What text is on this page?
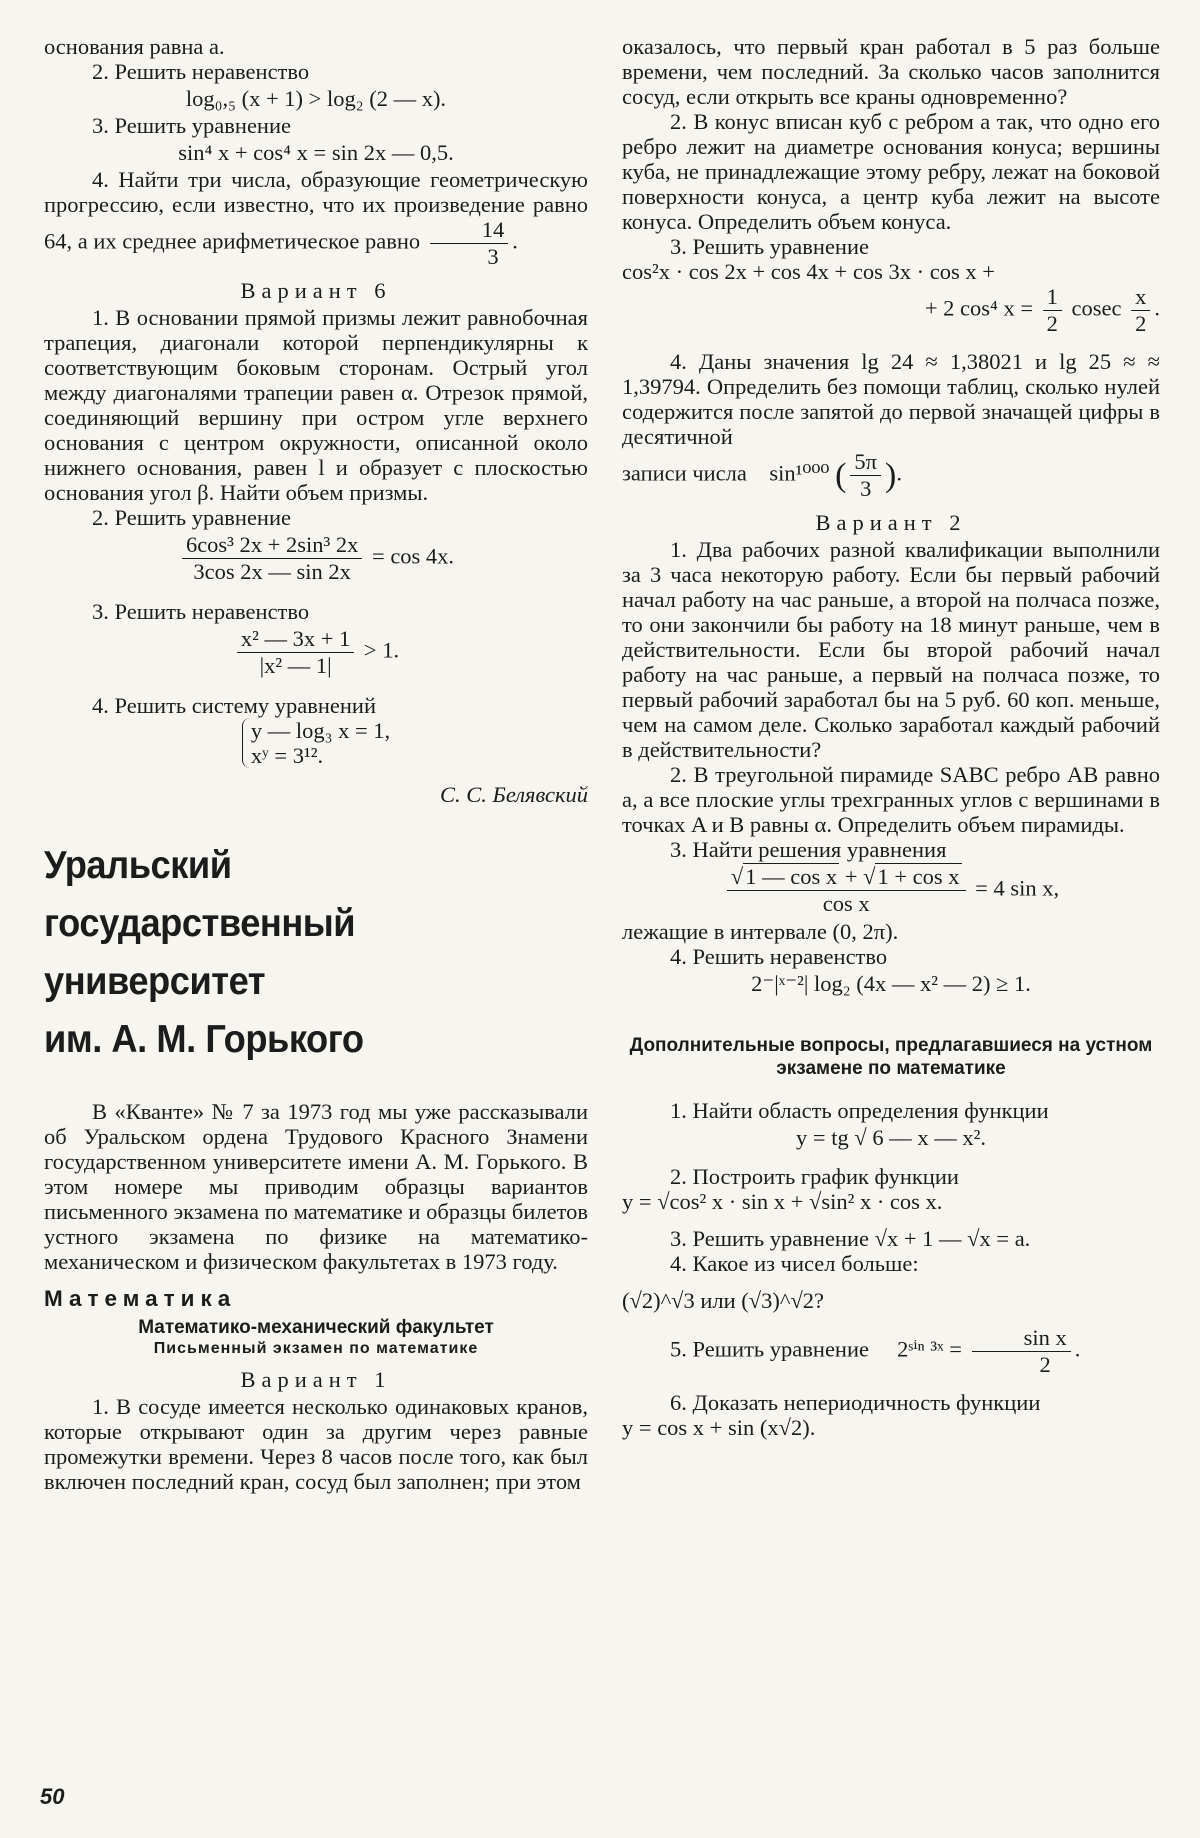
основания равна a.

2. Решить неравенство

log₀,₅ (x + 1) > log₂ (2 — x).

3. Решить уравнение

sin⁴ x + cos⁴ x = sin 2x — 0,5.

4. Найти три числа, образующие геометрическую прогрессию, если известно, что их произведение равно 64, а их среднее арифметическое равно $\frac{14}{3}$ .

Вариант 6

1. В основании прямой призмы лежит равнобочная трапеция, диагонали которой перпендикулярны к соответствующим боковым сторонам. Острый угол между диагоналями трапеции равен α. Отрезок прямой, соединяющий вершину при остром угле верхнего основания с центром окружности, описанной около нижнего основания, равен l и образует с плоскостью основания угол β. Найти объем призмы.

2. Решить уравнение

$\frac{\text{6cos³ 2x + 2sin³ 2x}}{3\cos 2x — \sin 2x} = \cos 4x$.

3. Решить неравенство

$\frac{\text{x² — 3x + 1}}{\text{|x² — 1|}} > 1$.

4. Решить систему уравнений

y — log₃ x = 1,
xʸ = 3¹².

С. С. Белявский

Уральский
государственный
университет
им. А. М. Горького

В «Кванте» № 7 за 1973 год мы уже рассказывали об Уральском ордена Трудового Красного Знамени государственном университете имени А. М. Горького. В этом номере мы приводим образцы вариантов письменного экзамена по математике и образцы билетов устного экзамена по физике на математико-механическом и физическом факультетах в 1973 году.

Математика

Математико-механический факультет

Письменный экзамен по математике

Вариант 1

1. В сосуде имеется несколько одинаковых кранов, которые открывают один за другим через равные промежутки времени. Через 8 часов после того, как был включен последний кран, сосуд был заполнен; при этом

оказалось, что первый кран работал в 5 раз больше времени, чем последний. За сколько часов заполнится сосуд, если открыть все краны одновременно?

2. В конус вписан куб с ребром a так, что одно его ребро лежит на диаметре основания конуса; вершины куба, не принадлежащие этому ребру, лежат на боковой поверхности конуса, а центр куба лежит на высоте конуса. Определить объем конуса.

3. Решить уравнение

cos²x · cos 2x + cos 4x + cos 3x · cos x +

+ 2 cos⁴ $x = \frac{1}{2}$ cosec $\frac{x}{2}$ .

4. Даны значения lg 24 ≈ 1,38021 и lg 25 ≈ ≈ 1,39794. Определить без помощи таблиц, сколько нулей содержится после запятой до первой значащей цифры в десятичной

записи числа sin¹⁰⁰⁰ ( $\frac{5\pi}{3}$ ).

Вариант 2

1. Два рабочих разной квалификации выполнили за 3 часа некоторую работу. Если бы первый рабочий начал работу на час раньше, а второй на полчаса позже, то они закончили бы работу на 18 минут раньше, чем в действительности. Если бы второй рабочий начал работу на час раньше, а первый на полчаса позже, то первый рабочий заработал бы на 5 руб. 60 коп. меньше, чем на самом деле. Сколько заработал каждый рабочий в действительности?

2. В треугольной пирамиде SABC ребро AB равно a, а все плоские углы трехгранных углов с вершинами в точках A и B равны α. Определить объем пирамиды.

3. Найти решения уравнения

$\frac{\text{√1 — cos x + √1 + cos x}}{\text{cos x}} = 4$ sin x,

лежащие в интервале (0, 2π).

4. Решить неравенство

2⁻|ˣ⁻²| log₂ (4x — x² — 2) ≥ 1.

Дополнительные вопросы, предлагавшиеся на устном экзамене по математике

1. Найти область определения функции

y = tg √ 6 — x — x².

2. Построить график функции

y = √cos² x · sin x + √sin² x · cos x.

3. Решить уравнение √x + 1 — √x = a.

4. Какое из чисел больше:

(√2)^√3 или (√3)^√2?

5. Решить уравнение 2ˢⁱⁿ ³ˣ = $\frac{\text{sin x}}{2}$ .

6. Доказать непериодичность функции

y = cos x + sin (x√2).

50
